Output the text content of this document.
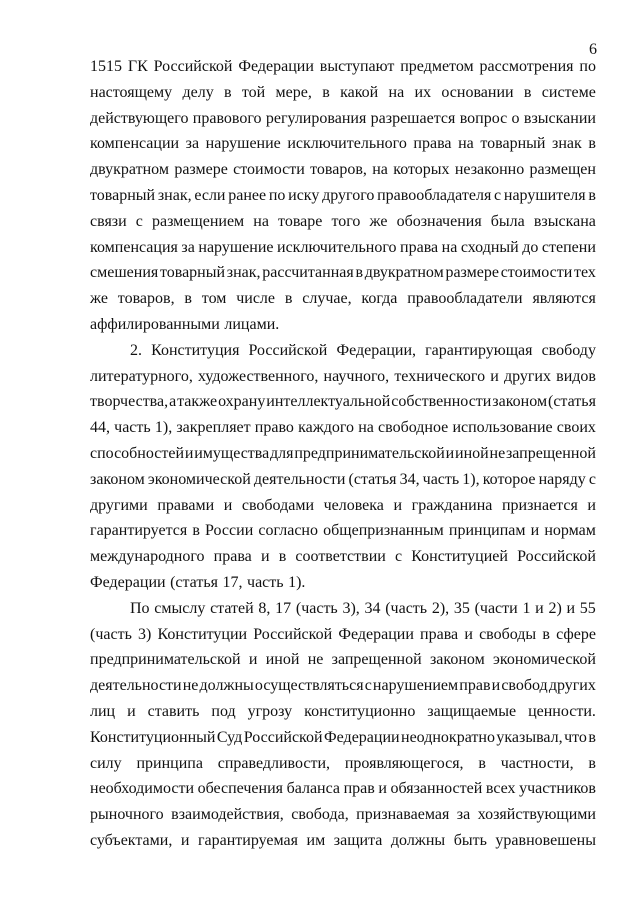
6
1515 ГК Российской Федерации выступают предметом рассмотрения по
настоящему делу в той мере, в какой на их основании в системе
действующего правового регулирования разрешается вопрос о взыскании
компенсации за нарушение исключительного права на товарный знак в
двукратном размере стоимости товаров, на которых незаконно размещен
товарный знак, если ранее по иску другого правообладателя с нарушителя в
связи с размещением на товаре того же обозначения была взыскана
компенсация за нарушение исключительного права на сходный до степени
смешения товарный знак, рассчитанная в двукратном размере стоимости тех
же товаров, в том числе в случае, когда правообладатели являются
аффилированными лицами.
2. Конституция Российской Федерации, гарантирующая свободу
литературного, художественного, научного, технического и других видов
творчества, а также охрану интеллектуальной собственности законом (статья
44, часть 1), закрепляет право каждого на свободное использование своих
способностей и имущества для предпринимательской и иной не запрещенной
законом экономической деятельности (статья 34, часть 1), которое наряду с
другими правами и свободами человека и гражданина признается и
гарантируется в России согласно общепризнанным принципам и нормам
международного права и в соответствии с Конституцией Российской
Федерации (статья 17, часть 1).
По смыслу статей 8, 17 (часть 3), 34 (часть 2), 35 (части 1 и 2) и 55
(часть 3) Конституции Российской Федерации права и свободы в сфере
предпринимательской и иной не запрещенной законом экономической
деятельности не должны осуществляться с нарушением прав и свобод других
лиц и ставить под угрозу конституционно защищаемые ценности.
Конституционный Суд Российской Федерации неоднократно указывал, что в
силу принципа справедливости, проявляющегося, в частности, в
необходимости обеспечения баланса прав и обязанностей всех участников
рыночного взаимодействия, свобода, признаваемая за хозяйствующими
субъектами, и гарантируемая им защита должны быть уравновешены
